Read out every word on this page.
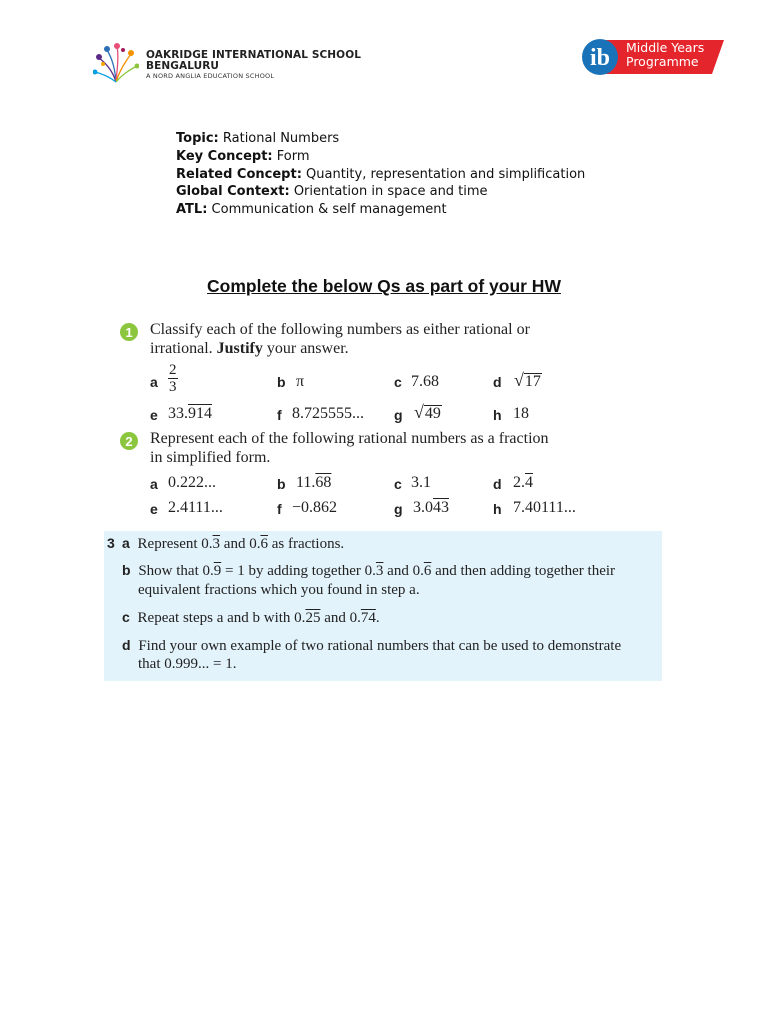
OAKRIDGE INTERNATIONAL SCHOOL
BENGALURU
A NORD ANGLIA EDUCATION SCHOOL
ib Middle Years
Programme
Topic: Rational Numbers
Key Concept: Form
Related Concept: Quantity, representation and simplification
Global Context: Orientation in space and time
ATL: Communication & self management
Complete the below Qs as part of your HW
1	Classify each of the following numbers as either rational or
irrational. Justify your answer.
a $\frac{2}{3}$	b π	c 7.68	d √ 17
e 33.914	f 8.725555... g √ 49	h 18
2	Represent each of the following rational numbers as a fraction
in simplified form.
a 0.222...	b 11.68	c 3.1	d 2.4
e 2.4111...	f −0.862	g 3.043	h 7.40111...
3 a Represent 0.3 and 0.6 as fractions.
b Show that 0.9 = 1 by adding together 0.3 and 0.6 and then adding together their
equivalent fractions which you found in step a.
c Repeat steps a and b with 0.25 and 0.74.
d Find your own example of two rational numbers that can be used to demonstrate
that 0.999... = 1.
